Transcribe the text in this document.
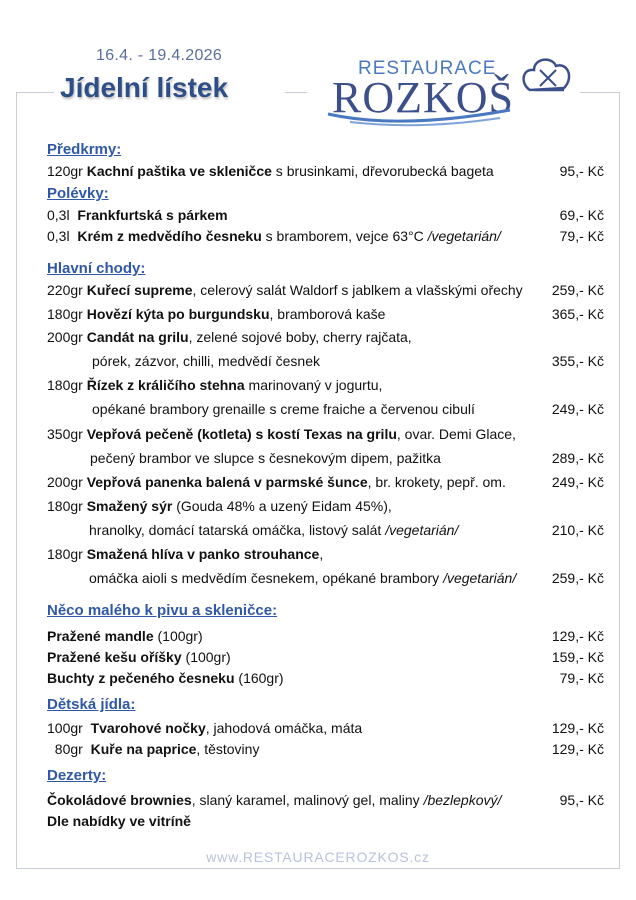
16.4. - 19.4.2026
Jídelní lístek
RESTAURACE
ROZKOŠ
Předkrmy:
120gr Kachní paštika ve skleničce s brusinkami, dřevorubecká bageta	95,- Kč
Polévky:
0,3l Frankfurtská s párkem	69,- Kč
0,3l Krém z medvědího česneku s bramborem, vejce 63°C /vegetarián/	79,- Kč
Hlavní chody:
220gr Kuřecí supreme, celerový salát Waldorf s jablkem a vlašskými ořechy 259,- Kč
180gr Hovězí kýta po burgundsku, bramborová kaše	365,- Kč
200gr Candát na grilu, zelené sojové boby, cherry rajčata,
pórek, zázvor, chilli, medvědí česnek	355,- Kč
180gr Řízek z králičího stehna marinovaný v jogurtu,
opékané brambory grenaille s creme fraiche a červenou cibulí	249,- Kč
350gr Vepřová pečeně (kotleta) s kostí Texas na grilu, ovar. Demi Glace,
pečený brambor ve slupce s česnekovým dipem, pažitka	289,- Kč
200gr Vepřová panenka balená v parmské šunce, br. krokety, pepř. om.	249,- Kč
180gr Smažený sýr (Gouda 48% a uzený Eidam 45%),
hranolky, domácí tatarská omáčka, listový salát /vegetarián/	210,- Kč
180gr Smažená hlíva v panko strouhance,
omáčka aioli s medvědím česnekem, opékané brambory /vegetarián/	259,- Kč
Něco malého k pivu a skleničce:
Pražené mandle (100gr)	129,- Kč
Pražené kešu oříšky (100gr)	159,- Kč
Buchty z pečeného česneku (160gr)	79,- Kč
Dětská jídla:
100gr Tvarohové nočky, jahodová omáčka, máta	129,- Kč
80gr Kuře na paprice, těstoviny	129,- Kč
Dezerty:
Čokoládové brownies, slaný karamel, malinový gel, maliny /bezlepkový/	95,- Kč
Dle nabídky ve vitríně
www.RESTAURACEROZKOS.cz
